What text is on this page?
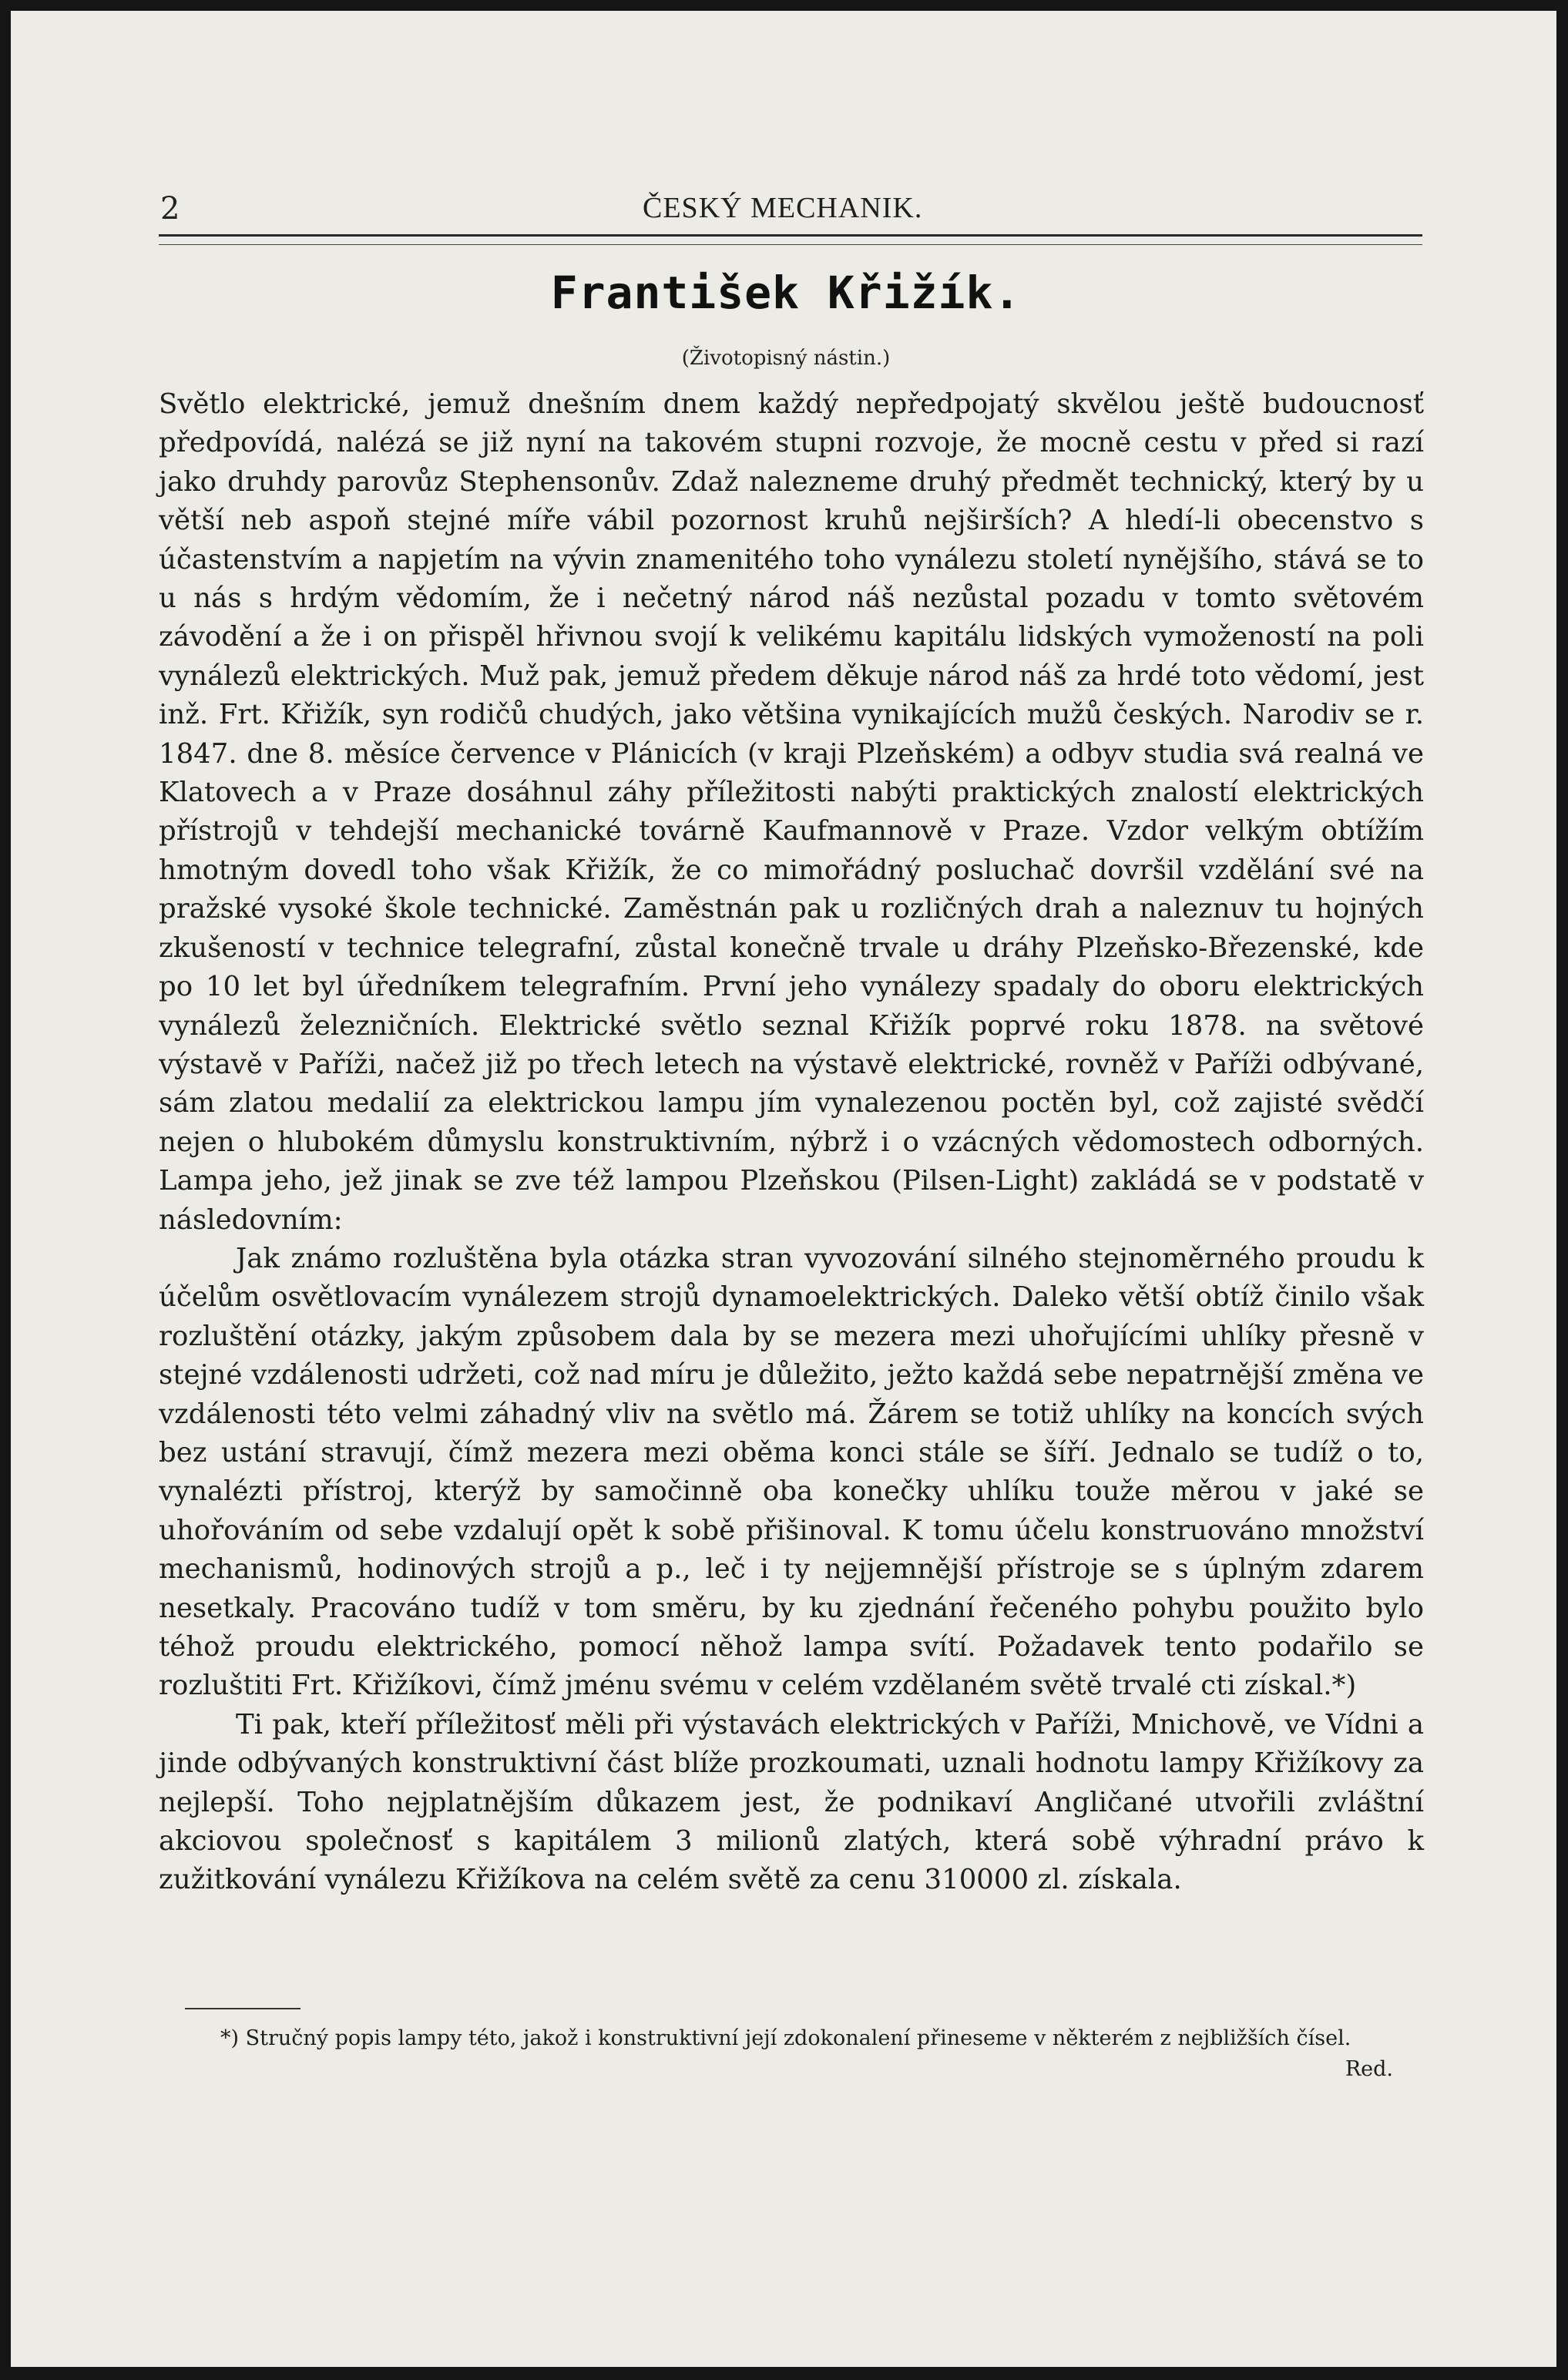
2	ČESKÝ MECHANIK.
František Křižík.
(Životopisný nástin.)

Světlo elektrické, jemuž dnešním dnem každý nepředpojatý skvělou ještě budoucnosť předpovídá, nalézá se již nyní na takovém stupni rozvoje, že mocně cestu v před si razí jako druhdy parovůz Stephensonův. Zdaž nalezneme druhý předmět technický, který by u větší neb aspoň stejné míře vábil pozornost kruhů nejširších? A hledí-li obecenstvo s účastenstvím a napjetím na vývin znamenitého toho vynálezu století nynějšího, stává se to u nás s hrdým vědomím, že i nečetný národ náš nezůstal pozadu v tomto světovém závodění a že i on přispěl hřivnou svojí k velikému kapitálu lidských vymožeností na poli vynálezů elektrických. Muž pak, jemuž předem děkuje národ náš za hrdé toto vědomí, jest inž. Frt. Křižík, syn rodičů chudých, jako většina vynikajících mužů českých. Narodiv se r. 1847. dne 8. měsíce července v Plánicích (v kraji Plzeňském) a odbyv studia svá realná ve Klatovech a v Praze dosáhnul záhy příležitosti nabýti praktických znalostí elektrických přístrojů v tehdejší mechanické továrně Kaufmannově v Praze. Vzdor velkým obtížím hmotným dovedl toho však Křižík, že co mimořádný posluchač dovršil vzdělání své na pražské vysoké škole technické. Zaměstnán pak u rozličných drah a naleznuv tu hojných zkušeností v technice telegrafní, zůstal konečně trvale u dráhy Plzeňsko-Březenské, kde po 10 let byl úředníkem telegrafním. První jeho vynálezy spadaly do oboru elektrických vynálezů železničních. Elektrické světlo seznal Křižík poprvé roku 1878. na světové výstavě v Paříži, načež již po třech letech na výstavě elektrické, rovněž v Paříži odbývané, sám zlatou medalií za elektrickou lampu jím vynalezenou poctěn byl, což zajisté svědčí nejen o hlubokém důmyslu konstruktivním, nýbrž i o vzácných vědomostech odborných. Lampa jeho, jež jinak se zve též lampou Plzeňskou (Pilsen-Light) zakládá se v podstatě v následovním:

Jak známo rozluštěna byla otázka stran vyvozování silného stejnoměrného proudu k účelům osvětlovacím vynálezem strojů dynamoelektrických. Daleko větší obtíž činilo však rozluštění otázky, jakým způsobem dala by se mezera mezi uhořujícími uhlíky přesně v stejné vzdálenosti udržeti, což nad míru je důležito, ježto každá sebe nepatrnější změna ve vzdálenosti této velmi záhadný vliv na světlo má. Žárem se totiž uhlíky na koncích svých bez ustání stravují, čímž mezera mezi oběma konci stále se šíří. Jednalo se tudíž o to, vynalézti přístroj, kterýž by samočinně oba konečky uhlíku touže měrou v jaké se uhořováním od sebe vzdalují opět k sobě přišinoval. K tomu účelu konstruováno množství mechanismů, hodinových strojů a p., leč i ty nejjemnější přístroje se s úplným zdarem nesetkaly. Pracováno tudíž v tom směru, by ku zjednání řečeného pohybu použito bylo téhož proudu elektrického, pomocí něhož lampa svítí. Požadavek tento podařilo se rozluštiti Frt. Křižíkovi, čímž jménu svému v celém vzdělaném světě trvalé cti získal.*)

Ti pak, kteří příležitosť měli při výstavách elektrických v Paříži, Mnichově, ve Vídni a jinde odbývaných konstruktivní část blíže prozkoumati, uznali hodnotu lampy Křižíkovy za nejlepší. Toho nejplatnějším důkazem jest, že podnikaví Angličané utvořili zvláštní akciovou společnosť s kapitálem 3 milionů zlatých, která sobě výhradní právo k zužitkování vynálezu Křižíkova na celém světě za cenu 310000 zl. získala.

*) Stručný popis lampy této, jakož i konstruktivní její zdokonalení přineseme v některém z nejbližších čísel.

Red.
